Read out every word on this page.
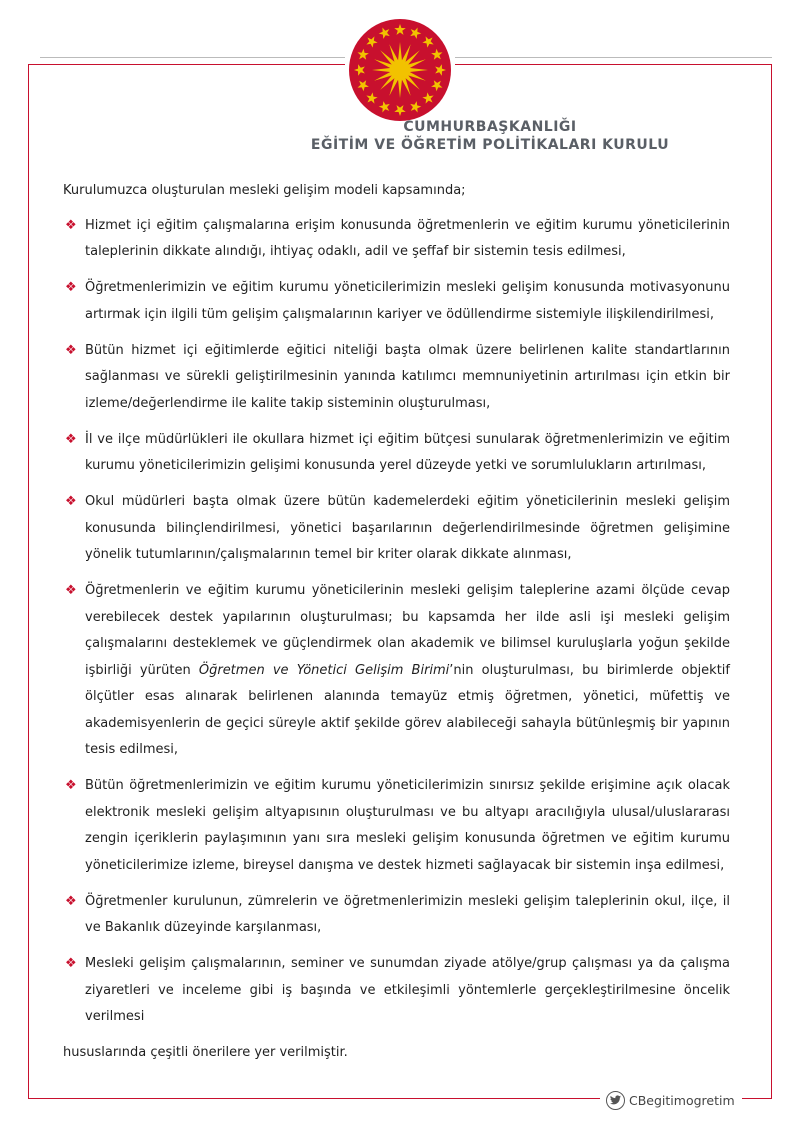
CUMHURBAŞKANLIĞI
EĞİTİM VE ÖĞRETİM POLİTİKALARI KURULU

Kurulumuzca oluşturulan mesleki gelişim modeli kapsamında;

❖ Hizmet içi eğitim çalışmalarına erişim konusunda öğretmenlerin ve eğitim kurumu yöneticilerinin taleplerinin dikkate alındığı, ihtiyaç odaklı, adil ve şeffaf bir sistemin tesis edilmesi,
❖ Öğretmenlerimizin ve eğitim kurumu yöneticilerimizin mesleki gelişim konusunda motivasyonunu artırmak için ilgili tüm gelişim çalışmalarının kariyer ve ödüllendirme sistemiyle ilişkilendirilmesi,
❖ Bütün hizmet içi eğitimlerde eğitici niteliği başta olmak üzere belirlenen kalite standartlarının sağlanması ve sürekli geliştirilmesinin yanında katılımcı memnuniyetinin artırılması için etkin bir izleme/değerlendirme ile kalite takip sisteminin oluşturulması,
❖ İl ve ilçe müdürlükleri ile okullara hizmet içi eğitim bütçesi sunularak öğretmenlerimizin ve eğitim kurumu yöneticilerimizin gelişimi konusunda yerel düzeyde yetki ve sorumlulukların artırılması,
❖ Okul müdürleri başta olmak üzere bütün kademelerdeki eğitim yöneticilerinin mesleki gelişim konusunda bilinçlendirilmesi, yönetici başarılarının değerlendirilmesinde öğretmen gelişimine yönelik tutumlarının/çalışmalarının temel bir kriter olarak dikkate alınması,
❖ Öğretmenlerin ve eğitim kurumu yöneticilerinin mesleki gelişim taleplerine azami ölçüde cevap verebilecek destek yapılarının oluşturulması; bu kapsamda her ilde asli işi mesleki gelişim çalışmalarını desteklemek ve güçlendirmek olan akademik ve bilimsel kuruluşlarla yoğun şekilde işbirliği yürüten Öğretmen ve Yönetici Gelişim Birimi’nin oluşturulması, bu birimlerde objektif ölçütler esas alınarak belirlenen alanında temayüz etmiş öğretmen, yönetici, müfettiş ve akademisyenlerin de geçici süreyle aktif şekilde görev alabileceği sahayla bütünleşmiş bir yapının tesis edilmesi,
❖ Bütün öğretmenlerimizin ve eğitim kurumu yöneticilerimizin sınırsız şekilde erişimine açık olacak elektronik mesleki gelişim altyapısının oluşturulması ve bu altyapı aracılığıyla ulusal/uluslararası zengin içeriklerin paylaşımının yanı sıra mesleki gelişim konusunda öğretmen ve eğitim kurumu yöneticilerimize izleme, bireysel danışma ve destek hizmeti sağlayacak bir sistemin inşa edilmesi,
❖ Öğretmenler kurulunun, zümrelerin ve öğretmenlerimizin mesleki gelişim taleplerinin okul, ilçe, il ve Bakanlık düzeyinde karşılanması,
❖ Mesleki gelişim çalışmalarının, seminer ve sunumdan ziyade atölye/grup çalışması ya da çalışma ziyaretleri ve inceleme gibi iş başında ve etkileşimli yöntemlerle gerçekleştirilmesine öncelik verilmesi

hususlarında çeşitli önerilere yer verilmiştir.

CBegitimogretim
